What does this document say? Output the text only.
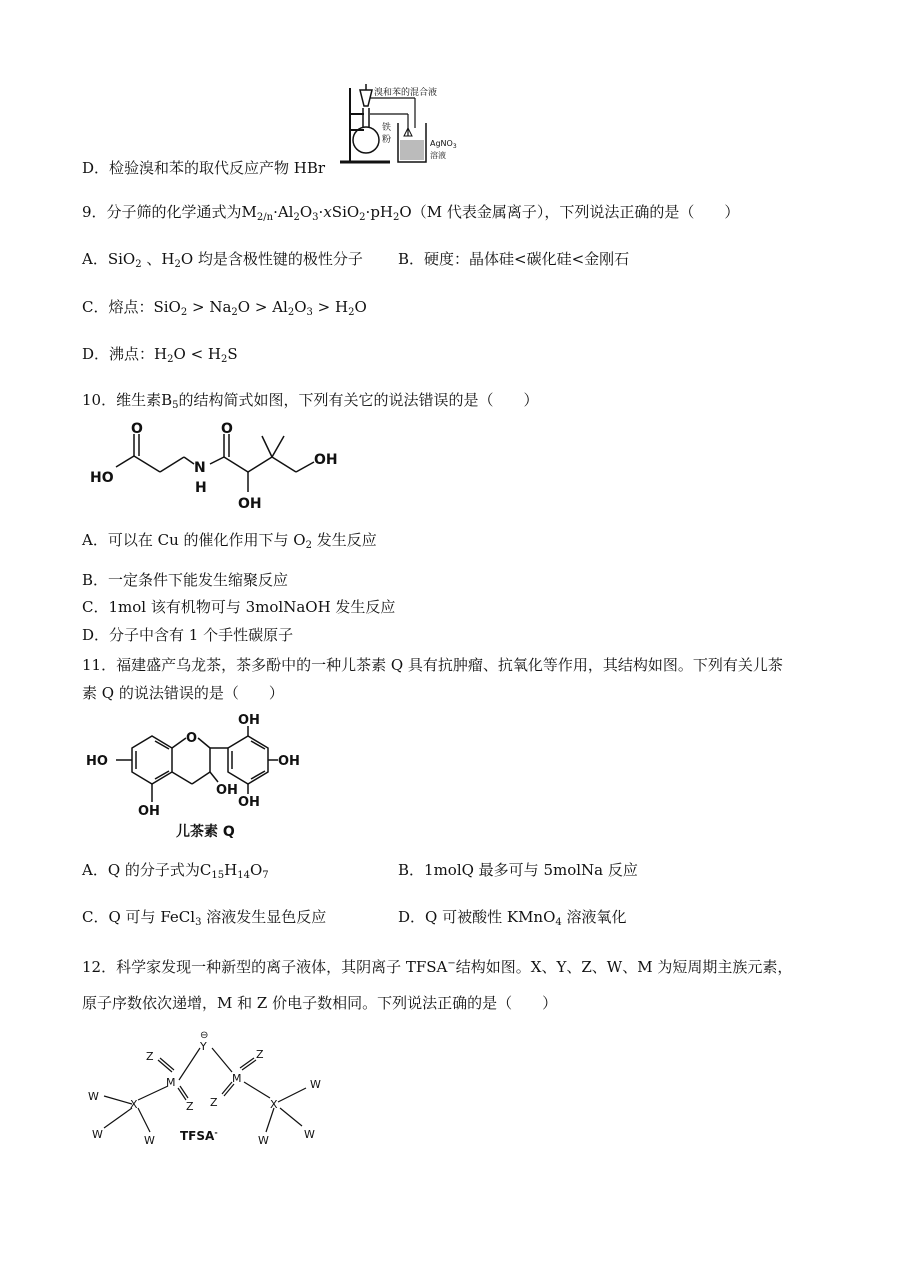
溴和苯的混合液
铁
粉	AgNO$_3$
溶液
D．检验溴和苯的取代反应产物 HBr
9．分子筛的化学通式为$M_{2/n}\cdot Al_2O_3\cdot xSiO_2\cdot pH_2O(M$ 代表金属离子），下列说法正确的是（　　）
A．SiO$_2$ 、$H_2O$ 均是含极性键的极性分子 B．硬度：晶体硅<碳化硅<金刚石
C．熔点：$SiO_2 > Na_2O > Al_2O_3 > H_2O$
D．沸点：$H_2O < H_2S$
10．维生素$B_5$的结构简式如图，下列有关它的说法错误的是（　　）
HO
O
N
H
O
OH
OH
A．可以在 Cu 的催化作用下与 $O_2$ 发生反应
B．一定条件下能发生缩聚反应
C．1mol 该有机物可与 3molNaOH 发生反应
D．分子中含有 1 个手性碳原子
11．福建盛产乌龙茶，茶多酚中的一种儿茶素 Q 具有抗肿瘤、抗氧化等作用，其结构如图。下列有关儿茶
素 Q 的说法错误的是（　　）
HO
O
OH
OH
OH
OH
OH
儿茶素 Q
A．Q 的分子式为$C_{15}H_{14}O_7$	B．1molQ 最多可与 5molNa 反应
C．Q 可与 FeCl$_3$ 溶液发生显色反应	D．Q 可被酸性 KMnO$_4$ 溶液氧化
12．科学家发现一种新型的离子液体，其阴离子 TFSA−结构如图。X、Y、Z、W、M 为短周期主族元素，
原子序数依次递增，M 和 Z 价电子数相同。下列说法正确的是（　　）
⊖
Y
Z
M
Z
Z
M
Z
X	X
W
W	W
W
W	W
TFSA-
